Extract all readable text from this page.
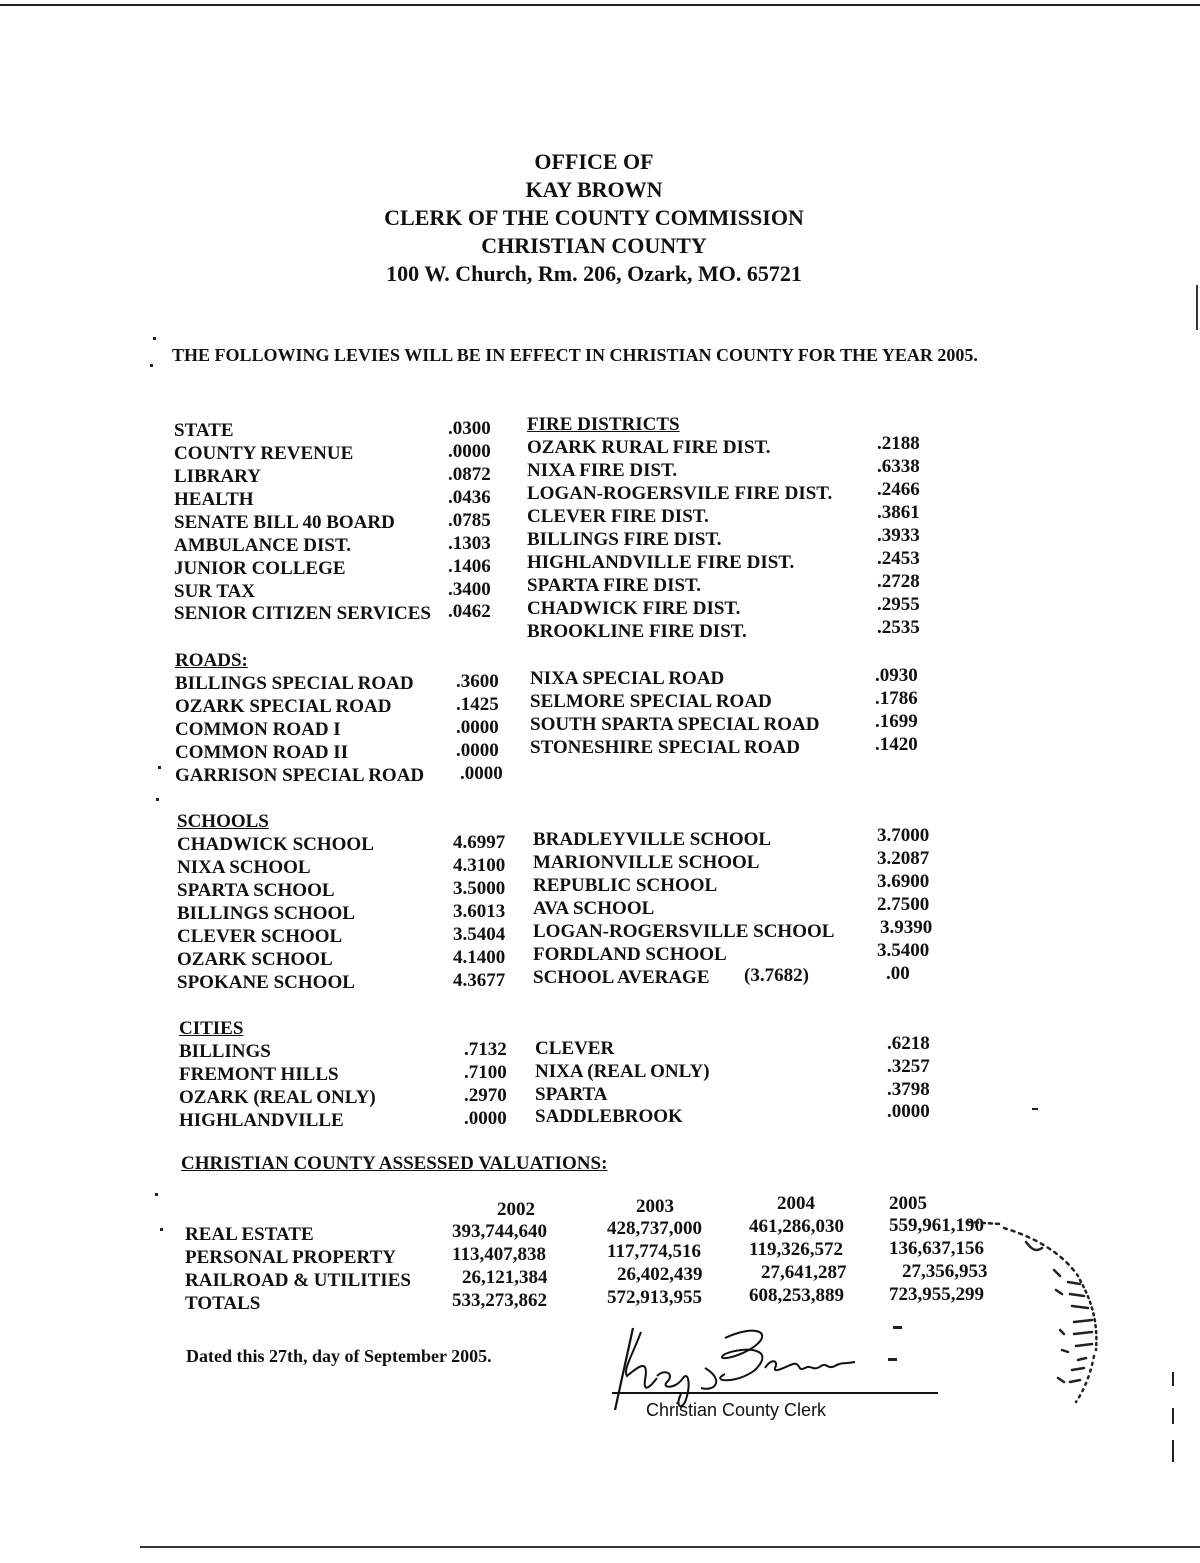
OFFICE OF
KAY BROWN
CLERK OF THE COUNTY COMMISSION
CHRISTIAN COUNTY
100 W. Church, Rm. 206, Ozark, MO. 65721
THE FOLLOWING LEVIES WILL BE IN EFFECT IN CHRISTIAN COUNTY FOR THE YEAR 2005.
STATE	.0300
COUNTY REVENUE	.0000
LIBRARY	.0872
HEALTH	.0436
SENATE BILL 40 BOARD	.0785
AMBULANCE DIST.	.1303
JUNIOR COLLEGE	.1406
SUR TAX	.3400
SENIOR CITIZEN SERVICES .0462
FIRE DISTRICTS
OZARK RURAL FIRE DIST.	.2188
NIXA FIRE DIST.	.6338
LOGAN-ROGERSVILE FIRE DIST. .2466
CLEVER FIRE DIST.	.3861
BILLINGS FIRE DIST.	.3933
HIGHLANDVILLE FIRE DIST.	.2453
SPARTA FIRE DIST.	.2728
CHADWICK FIRE DIST.	.2955
BROOKLINE FIRE DIST.	.2535
ROADS:
BILLINGS SPECIAL ROAD .3600
OZARK SPECIAL ROAD	.1425
COMMON ROAD I	.0000
COMMON ROAD II	.0000
GARRISON SPECIAL ROAD .0000
NIXA SPECIAL ROAD	.0930
SELMORE SPECIAL ROAD	.1786
SOUTH SPARTA SPECIAL ROAD	.1699
STONESHIRE SPECIAL ROAD	.1420
SCHOOLS
CHADWICK SCHOOL	4.6997
NIXA SCHOOL	4.3100
SPARTA SCHOOL	3.5000
BILLINGS SCHOOL	3.6013
CLEVER SCHOOL	3.5404
OZARK SCHOOL	4.1400
SPOKANE SCHOOL	4.3677
BRADLEYVILLE SCHOOL	3.7000
MARIONVILLE SCHOOL	3.2087
REPUBLIC SCHOOL	3.6900
AVA SCHOOL	2.7500
LOGAN-ROGERSVILLE SCHOOL 3.9390
FORDLAND SCHOOL	3.5400
SCHOOL AVERAGE (3.7682)	.00
CITIES
BILLINGS	.7132
FREMONT HILLS	.7100
OZARK (REAL ONLY)	.2970
HIGHLANDVILLE	.0000
CLEVER	.6218
NIXA (REAL ONLY)	.3257
SPARTA	.3798
SADDLEBROOK	.0000
CHRISTIAN COUNTY ASSESSED VALUATIONS:
2002	2003	2004	2005
REAL ESTATE	393,744,640	428,737,000 461,286,030 559,961,190
PERSONAL PROPERTY	113,407,838	117,774,516	119,326,572 136,637,156
RAILROAD & UTILITIES	26,121,384	26,402,439	27,641,287	27,356,953
TOTALS	533,273,862	572,913,955 608,253,889 723,955,299
Dated this 27th, day of September 2005.
Christian County Clerk
